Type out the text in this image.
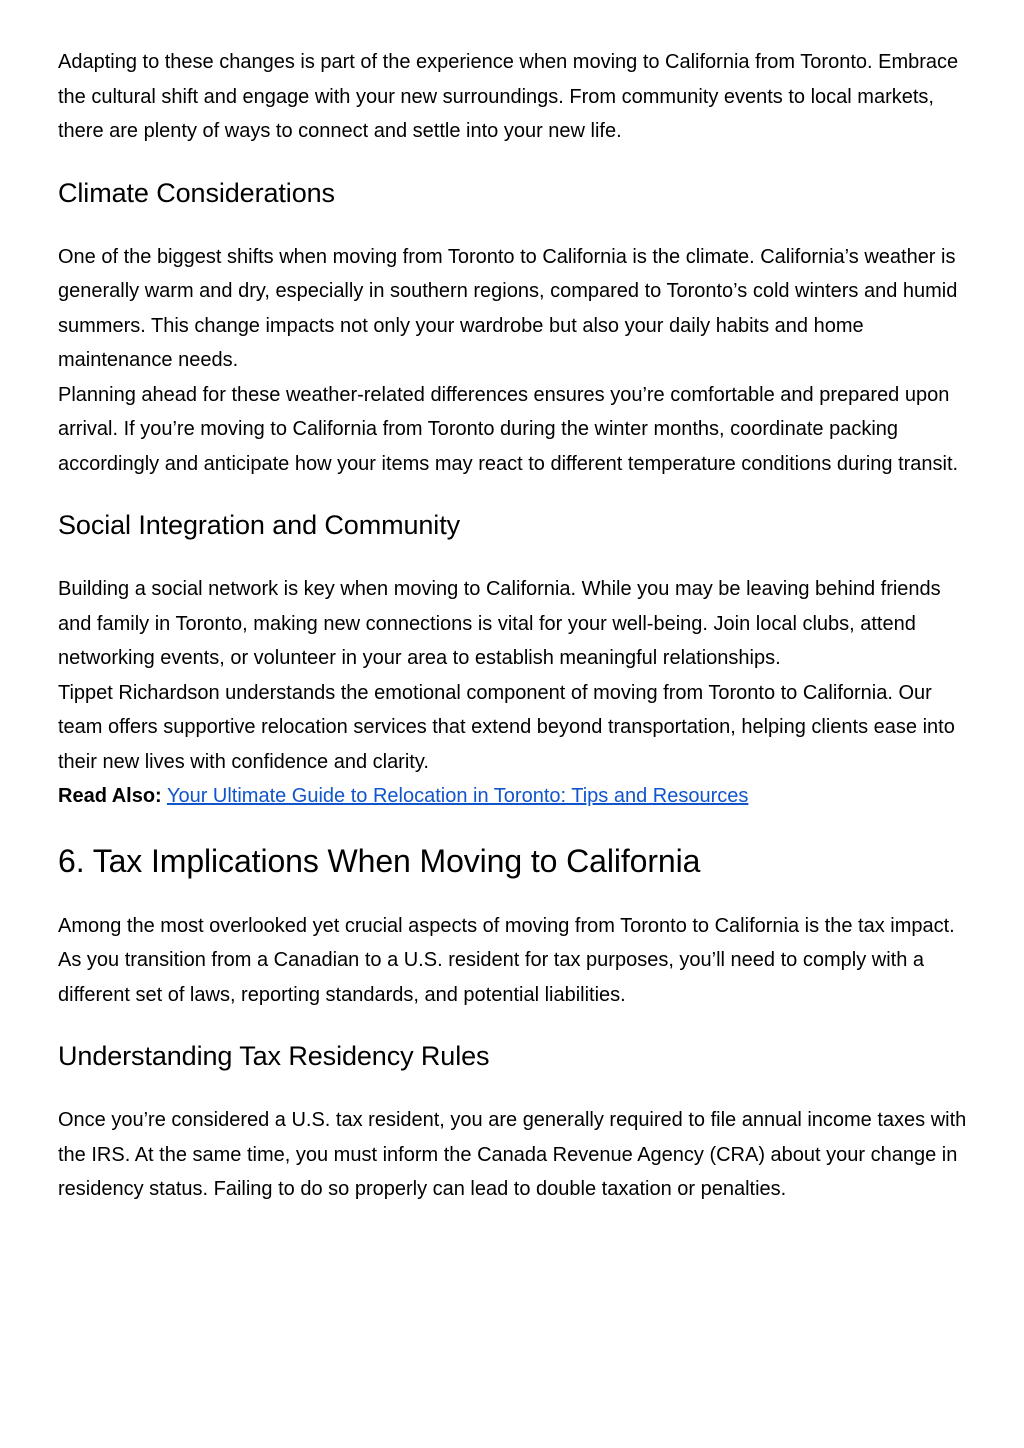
Adapting to these changes is part of the experience when moving to California from Toronto. Embrace the cultural shift and engage with your new surroundings. From community events to local markets, there are plenty of ways to connect and settle into your new life.

Climate Considerations

One of the biggest shifts when moving from Toronto to California is the climate. California’s weather is generally warm and dry, especially in southern regions, compared to Toronto’s cold winters and humid summers. This change impacts not only your wardrobe but also your daily habits and home maintenance needs.

Planning ahead for these weather-related differences ensures you’re comfortable and prepared upon arrival. If you’re moving to California from Toronto during the winter months, coordinate packing accordingly and anticipate how your items may react to different temperature conditions during transit.

Social Integration and Community

Building a social network is key when moving to California. While you may be leaving behind friends and family in Toronto, making new connections is vital for your well-being. Join local clubs, attend networking events, or volunteer in your area to establish meaningful relationships.

Tippet Richardson understands the emotional component of moving from Toronto to California. Our team offers supportive relocation services that extend beyond transportation, helping clients ease into their new lives with confidence and clarity.

Read Also: Your Ultimate Guide to Relocation in Toronto: Tips and Resources

6. Tax Implications When Moving to California

Among the most overlooked yet crucial aspects of moving from Toronto to California is the tax impact. As you transition from a Canadian to a U.S. resident for tax purposes, you’ll need to comply with a different set of laws, reporting standards, and potential liabilities.

Understanding Tax Residency Rules

Once you’re considered a U.S. tax resident, you are generally required to file annual income taxes with the IRS. At the same time, you must inform the Canada Revenue Agency (CRA) about your change in residency status. Failing to do so properly can lead to double taxation or penalties.
